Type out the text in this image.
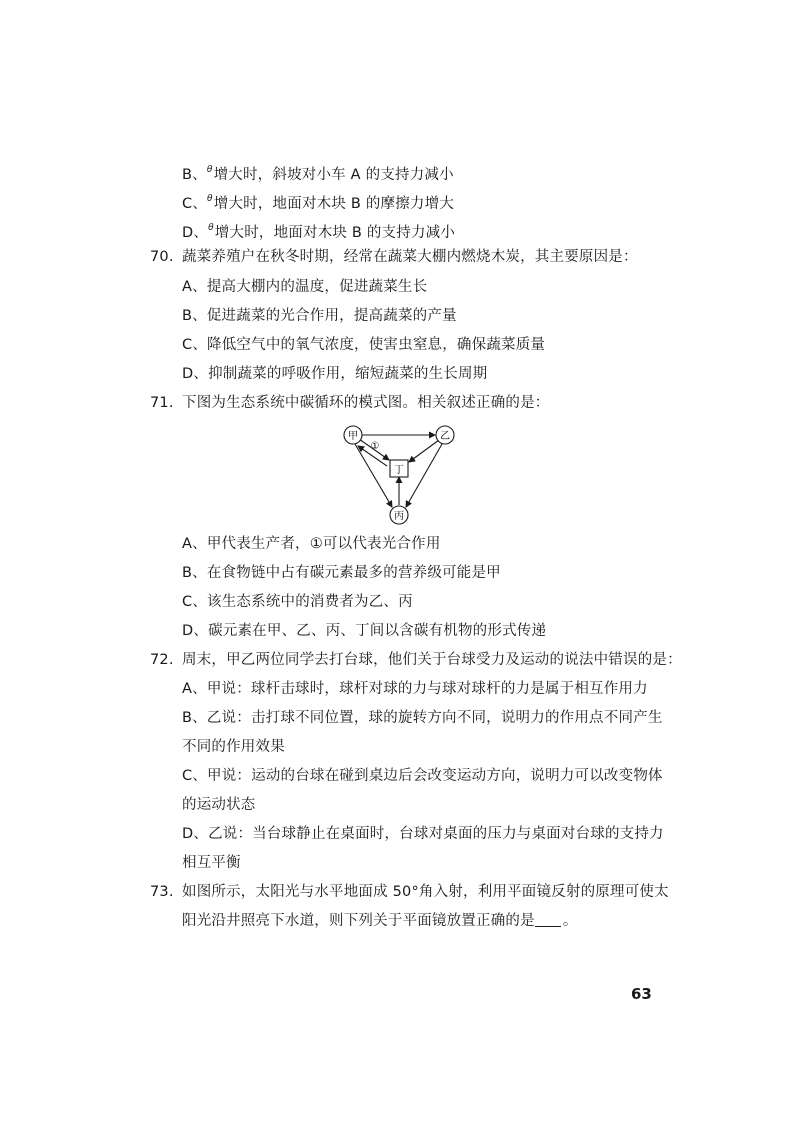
B、$^\theta$增大时，斜坡对小车 A 的支持力减小
C、$^\theta$增大时，地面对木块 B 的摩擦力增大
D、$^\theta$增大时，地面对木块 B 的支持力减小
70. 蔬菜养殖户在秋冬时期，经常在蔬菜大棚内燃烧木炭，其主要原因是：
A、提高大棚内的温度，促进蔬菜生长
B、促进蔬菜的光合作用，提高蔬菜的产量
C、降低空气中的氧气浓度，使害虫窒息，确保蔬菜质量
D、抑制蔬菜的呼吸作用，缩短蔬菜的生长周期
71. 下图为生态系统中碳循环的模式图。相关叙述正确的是：
甲	乙
丁
丙
①
A、甲代表生产者，①可以代表光合作用
B、在食物链中占有碳元素最多的营养级可能是甲
C、该生态系统中的消费者为乙、丙
D、碳元素在甲、乙、丙、丁间以含碳有机物的形式传递
72. 周末，甲乙两位同学去打台球，他们关于台球受力及运动的说法中错误的是：
A、甲说：球杆击球时，球杆对球的力与球对球杆的力是属于相互作用力
B、乙说：击打球不同位置，球的旋转方向不同，说明力的作用点不同产生
不同的作用效果
C、甲说：运动的台球在碰到桌边后会改变运动方向，说明力可以改变物体
的运动状态
D、乙说：当台球静止在桌面时，台球对桌面的压力与桌面对台球的支持力
相互平衡
73. 如图所示，太阳光与水平地面成 50°角入射，利用平面镜反射的原理可使太
阳光沿井照亮下水道，则下列关于平面镜放置正确的是 。
63
